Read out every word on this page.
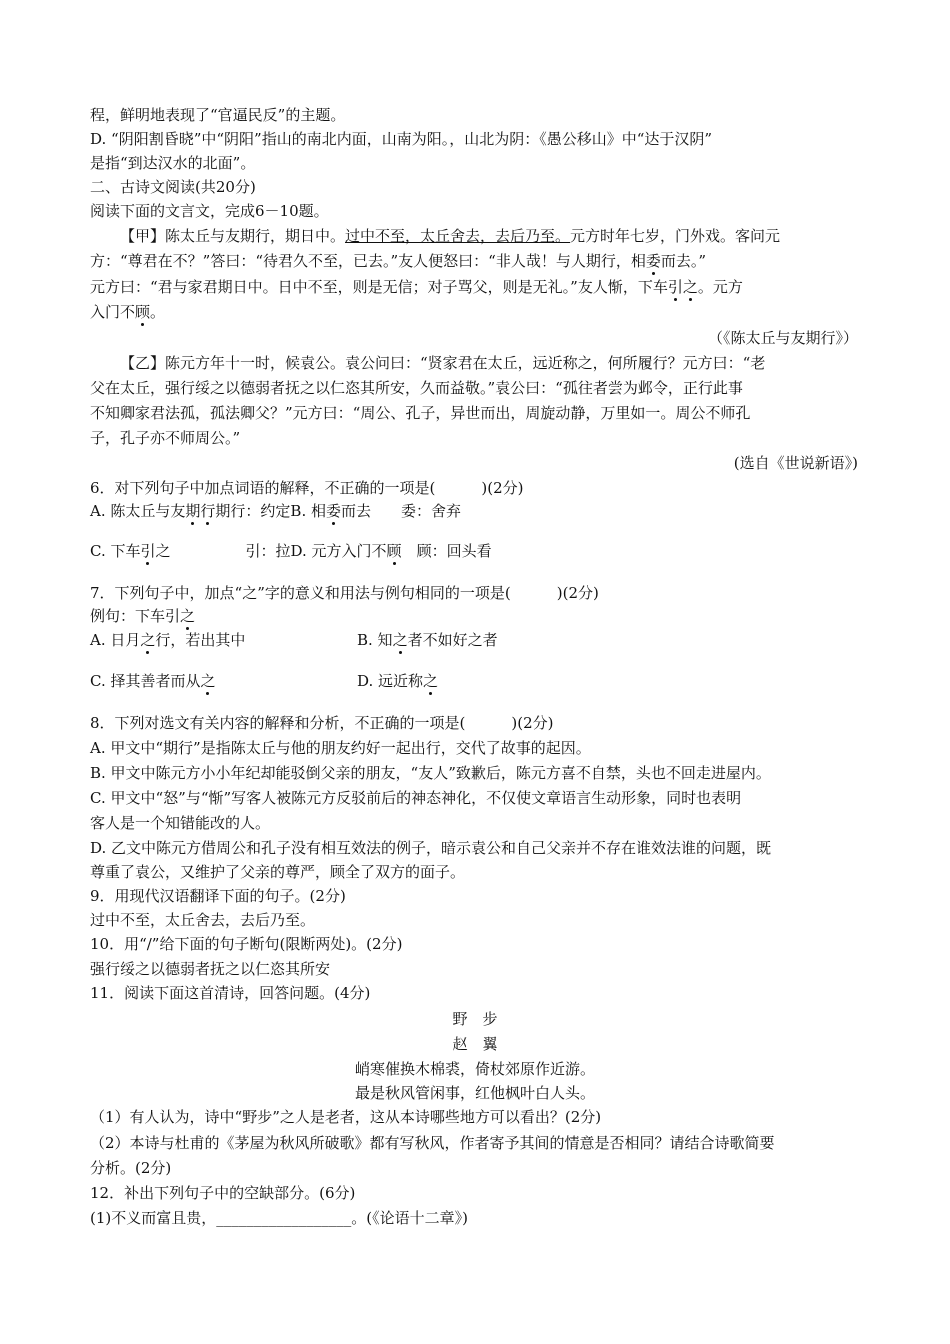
程，鲜明地表现了“官逼民反”的主题。
D. “阴阳割昏晓”中“阴阳”指山的南北内面，山南为阳。，山北为阴：《愚公移山》中“达于汉阴”
是指“到达汉水的北面”。
二、古诗文阅读(共20分)
阅读下面的文言文，完成6－10题。
【甲】陈太丘与友期行，期日中。过中不至，太丘舍去，去后乃至。元方时年七岁，门外戏。客问元
方：“尊君在不？”答曰：“待君久不至，已去。”友人便怒曰：“非人哉！与人期行，相委而去。”
元方曰：“君与家君期日中。日中不至，则是无信；对子骂父，则是无礼。”友人惭，下车引之。元方
入门不顾。
（《陈太丘与友期行》）
【乙】陈元方年十一时，候袁公。袁公问曰：“贤家君在太丘，远近称之，何所履行？元方曰：“老
父在太丘，强行绥之以德弱者抚之以仁恣其所安，久而益敬。”袁公曰：“孤往者尝为邺令，正行此事
不知卿家君法孤，孤法卿父？”元方曰：“周公、孔子，异世而出，周旋动静，万里如一。周公不师孔
子，孔子亦不师周公。”
(选自《世说新语》)
6．对下列句子中加点词语的解释，不正确的一项是(	)(2分)
A. 陈太丘与友期行期行：约定B. 相委而去　　委：舍弃
C. 下车引之　　　　　引：拉D. 元方入门不顾　顾：回头看
7．下列句子中，加点“之”字的意义和用法与例句相同的一项是(	)(2分)
例句：下车引之
A. 日月之行，若出其中	B. 知之者不如好之者
C. 择其善者而从之	D. 远近称之
8．下列对选文有关内容的解释和分析，不正确的一项是(	)(2分)
A. 甲文中“期行”是指陈太丘与他的朋友约好一起出行，交代了故事的起因。
B. 甲文中陈元方小小年纪却能驳倒父亲的朋友，“友人”致歉后，陈元方喜不自禁，头也不回走进屋内。
C. 甲文中“怒”与“惭”写客人被陈元方反驳前后的神态神化，不仅使文章语言生动形象，同时也表明
客人是一个知错能改的人。
D. 乙文中陈元方借周公和孔子没有相互效法的例子，暗示袁公和自己父亲并不存在谁效法谁的问题，既
尊重了袁公，又维护了父亲的尊严，顾全了双方的面子。
9．用现代汉语翻译下面的句子。(2分)
过中不至，太丘舍去，去后乃至。
10．用“/”给下面的句子断句(限断两处)。(2分)
强行绥之以德弱者抚之以仁恣其所安
11．阅读下面这首清诗，回答问题。(4分)
野　步
赵　翼
峭寒催换木棉裘，倚杖郊原作近游。
最是秋风管闲事，红他枫叶白人头。
（1）有人认为，诗中“野步”之人是老者，这从本诗哪些地方可以看出？(2分)
（2）本诗与杜甫的《茅屋为秋风所破歌》都有写秋风，作者寄予其间的情意是否相同？请结合诗歌简要
分析。(2分)
12．补出下列句子中的空缺部分。(6分)
(1)不义而富且贵，__________________。(《论语十二章》)
